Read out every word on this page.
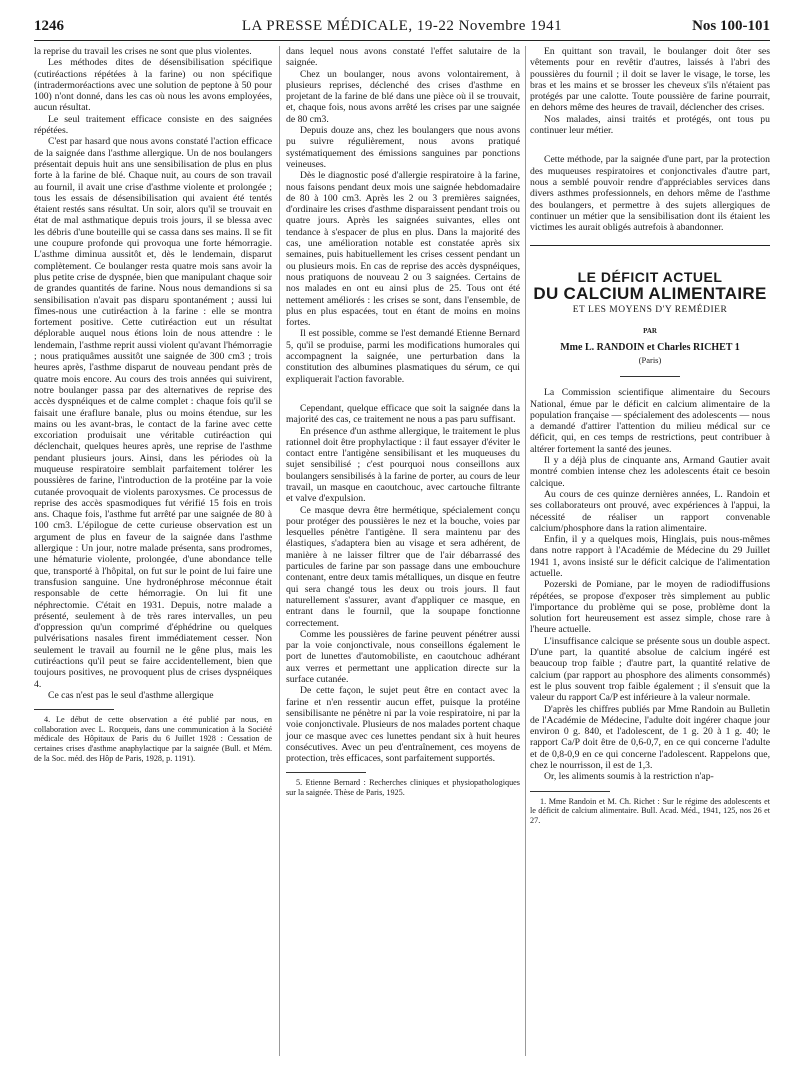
1246	LA PRESSE MÉDICALE, 19-22 Novembre 1941	Nos 100-101

la reprise du travail les crises ne sont que plus violentes.

Les méthodes dites de désensibilisation spécifique (cutiréactions répétées à la farine) ou non spécifique (intradermoréactions avec une solution de peptone à 50 pour 100) n'ont donné, dans les cas où nous les avons employées, aucun résultat.

Le seul traitement efficace consiste en des saignées répétées.

C'est par hasard que nous avons constaté l'action efficace de la saignée dans l'asthme allergique. Un de nos boulangers présentait depuis huit ans une sensibilisation de plus en plus forte à la farine de blé. Chaque nuit, au cours de son travail au fournil, il avait une crise d'asthme violente et prolongée ; tous les essais de désensibilisation qui avaient été tentés étaient restés sans résultat. Un soir, alors qu'il se trouvait en état de mal asthmatique depuis trois jours, il se blessa avec les débris d'une bouteille qui se cassa dans ses mains. Il se fit une coupure profonde qui provoqua une forte hémorragie. L'asthme diminua aussitôt et, dès le lendemain, disparut complètement. Ce boulanger resta quatre mois sans avoir la plus petite crise de dyspnée, bien que manipulant chaque soir de grandes quantités de farine. Nous nous demandions si sa sensibilisation n'avait pas disparu spontanément ; aussi lui fîmes-nous une cutiréaction à la farine : elle se montra fortement positive. Cette cutiréaction eut un résultat déplorable auquel nous étions loin de nous attendre : le lendemain, l'asthme reprit aussi violent qu'avant l'hémorragie ; nous pratiquâmes aussitôt une saignée de 300 cm3 ; trois heures après, l'asthme disparut de nouveau pendant près de quatre mois encore. Au cours des trois années qui suivirent, notre boulanger passa par des alternatives de reprise des accès dyspnéiques et de calme complet : chaque fois qu'il se faisait une éraflure banale, plus ou moins étendue, sur les mains ou les avant-bras, le contact de la farine avec cette excoriation produisait une véritable cutiréaction qui déclenchait, quelques heures après, une reprise de l'asthme pendant plusieurs jours. Ainsi, dans les périodes où la muqueuse respiratoire semblait parfaitement tolérer les poussières de farine, l'introduction de la protéine par la voie cutanée provoquait de violents paroxysmes. Ce processus de reprise des accès spasmodiques fut vérifié 15 fois en trois ans. Chaque fois, l'asthme fut arrêté par une saignée de 80 à 100 cm3. L'épilogue de cette curieuse observation est un argument de plus en faveur de la saignée dans l'asthme allergique : Un jour, notre malade présenta, sans prodromes, une hématurie violente, prolongée, d'une abondance telle que, transporté à l'hôpital, on fut sur le point de lui faire une transfusion sanguine. Une hydronéphrose méconnue était responsable de cette hémorragie. On lui fit une néphrectomie. C'était en 1931. Depuis, notre malade a présenté, seulement à de très rares intervalles, un peu d'oppression qu'un comprimé d'éphédrine ou quelques pulvérisations nasales firent immédiatement cesser. Non seulement le travail au fournil ne le gêne plus, mais les cutiréactions qu'il peut se faire accidentellement, bien que toujours positives, ne provoquent plus de crises dyspnéiques 4.

Ce cas n'est pas le seul d'asthme allergique

4. Le début de cette observation a été publié par nous, en collaboration avec L. Rocqueis, dans une communication à la Société médicale des Hôpitaux de Paris du 6 Juillet 1928 : Cessation de certaines crises d'asthme anaphylactique par la saignée (Bull. et Mém. de la Soc. méd. des Hôp de Paris, 1928, p. 1191).

dans lequel nous avons constaté l'effet salutaire de la saignée.

Chez un boulanger, nous avons volontairement, à plusieurs reprises, déclenché des crises d'asthme en projetant de la farine de blé dans une pièce où il se trouvait, et, chaque fois, nous avons arrêté les crises par une saignée de 80 cm3.

Depuis douze ans, chez les boulangers que nous avons pu suivre régulièrement, nous avons pratiqué systématiquement des émissions sanguines par ponctions veineuses.

Dès le diagnostic posé d'allergie respiratoire à la farine, nous faisons pendant deux mois une saignée hebdomadaire de 80 à 100 cm3. Après les 2 ou 3 premières saignées, d'ordinaire les crises d'asthme disparaissent pendant trois ou quatre jours. Après les saignées suivantes, elles ont tendance à s'espacer de plus en plus. Dans la majorité des cas, une amélioration notable est constatée après six semaines, puis habituellement les crises cessent pendant un ou plusieurs mois. En cas de reprise des accès dyspnéiques, nous pratiquons de nouveau 2 ou 3 saignées. Certains de nos malades en ont eu ainsi plus de 25. Tous ont été nettement améliorés : les crises se sont, dans l'ensemble, de plus en plus espacées, tout en étant de moins en moins fortes.

Il est possible, comme se l'est demandé Etienne Bernard 5, qu'il se produise, parmi les modifications humorales qui accompagnent la saignée, une perturbation dans la constitution des albumines plasmatiques du sérum, ce qui expliquerait l'action favorable.

Cependant, quelque efficace que soit la saignée dans la majorité des cas, ce traitement ne nous a pas paru suffisant.

En présence d'un asthme allergique, le traitement le plus rationnel doit être prophylactique : il faut essayer d'éviter le contact entre l'antigène sensibilisant et les muqueuses du sujet sensibilisé ; c'est pourquoi nous conseillons aux boulangers sensibilisés à la farine de porter, au cours de leur travail, un masque en caoutchouc, avec cartouche filtrante et valve d'expulsion.

Ce masque devra être hermétique, spécialement conçu pour protéger des poussières le nez et la bouche, voies par lesquelles pénètre l'antigène. Il sera maintenu par des élastiques, s'adaptera bien au visage et sera adhérent, de manière à ne laisser filtrer que de l'air débarrassé des particules de farine par son passage dans une embouchure contenant, entre deux tamis métalliques, un disque en feutre qui sera changé tous les deux ou trois jours. Il faut naturellement s'assurer, avant d'appliquer ce masque, en entrant dans le fournil, que la soupape fonctionne correctement.

Comme les poussières de farine peuvent pénétrer aussi par la voie conjonctivale, nous conseillons également le port de lunettes d'automobiliste, en caoutchouc adhérant aux verres et permettant une application directe sur la surface cutanée.

De cette façon, le sujet peut être en contact avec la farine et n'en ressentir aucun effet, puisque la protéine sensibilisante ne pénètre ni par la voie respiratoire, ni par la voie conjonctivale. Plusieurs de nos malades portent chaque jour ce masque avec ces lunettes pendant six à huit heures consécutives. Avec un peu d'entraînement, ces moyens de protection, très efficaces, sont parfaitement supportés.

5. Etienne Bernard : Recherches cliniques et physiopathologiques sur la saignée. Thèse de Paris, 1925.

En quittant son travail, le boulanger doit ôter ses vêtements pour en revêtir d'autres, laissés à l'abri des poussières du fournil ; il doit se laver le visage, le torse, les bras et les mains et se brosser les cheveux s'ils n'étaient pas protégés par une calotte. Toute poussière de farine pourrait, en dehors même des heures de travail, déclencher des crises.

Nos malades, ainsi traités et protégés, ont tous pu continuer leur métier.

Cette méthode, par la saignée d'une part, par la protection des muqueuses respiratoires et conjonctivales d'autre part, nous a semblé pouvoir rendre d'appréciables services dans divers asthmes professionnels, en dehors même de l'asthme des boulangers, et permettre à des sujets allergiques de continuer un métier que la sensibilisation dont ils étaient les victimes les aurait obligés autrefois à abandonner.

LE DÉFICIT ACTUEL
DU CALCIUM ALIMENTAIRE
ET LES MOYENS D'Y REMÉDIER
PAR
Mme L. RANDOIN et Charles RICHET 1
(Paris)

La Commission scientifique alimentaire du Secours National, émue par le déficit en calcium alimentaire de la population française — spécialement des adolescents — nous a demandé d'attirer l'attention du milieu médical sur ce déficit, qui, en ces temps de restrictions, peut contribuer à altérer fortement la santé des jeunes.

Il y a déjà plus de cinquante ans, Armand Gautier avait montré combien intense chez les adolescents était ce besoin calcique.

Au cours de ces quinze dernières années, L. Randoin et ses collaborateurs ont prouvé, avec expériences à l'appui, la nécessité de réaliser un rapport convenable calcium/phosphore dans la ration alimentaire.

Enfin, il y a quelques mois, Hinglais, puis nous-mêmes dans notre rapport à l'Académie de Médecine du 29 Juillet 1941 1, avons insisté sur le déficit calcique de l'alimentation actuelle.

Pozerski de Pomiane, par le moyen de radiodiffusions répétées, se propose d'exposer très simplement au public l'importance du problème qui se pose, problème dont la solution fort heureusement est assez simple, chose rare à l'heure actuelle.

L'insuffisance calcique se présente sous un double aspect. D'une part, la quantité absolue de calcium ingéré est beaucoup trop faible ; d'autre part, la quantité relative de calcium (par rapport au phosphore des aliments consommés) est le plus souvent trop faible également ; il s'ensuit que la valeur du rapport Ca/P est inférieure à la valeur normale.

D'après les chiffres publiés par Mme Randoin au Bulletin de l'Académie de Médecine, l'adulte doit ingérer chaque jour environ 0 g. 840, et l'adolescent, de 1 g. 20 à 1 g. 40; le rapport Ca/P doit être de 0,6-0,7, en ce qui concerne l'adulte et de 0,8-0,9 en ce qui concerne l'adolescent. Rappelons que, chez le nourrisson, il est de 1,3.

Or, les aliments soumis à la restriction n'ap-

1. Mme Randoin et M. Ch. Richet : Sur le régime des adolescents et le déficit de calcium alimentaire. Bull. Acad. Méd., 1941, 125, nos 26 et 27.
